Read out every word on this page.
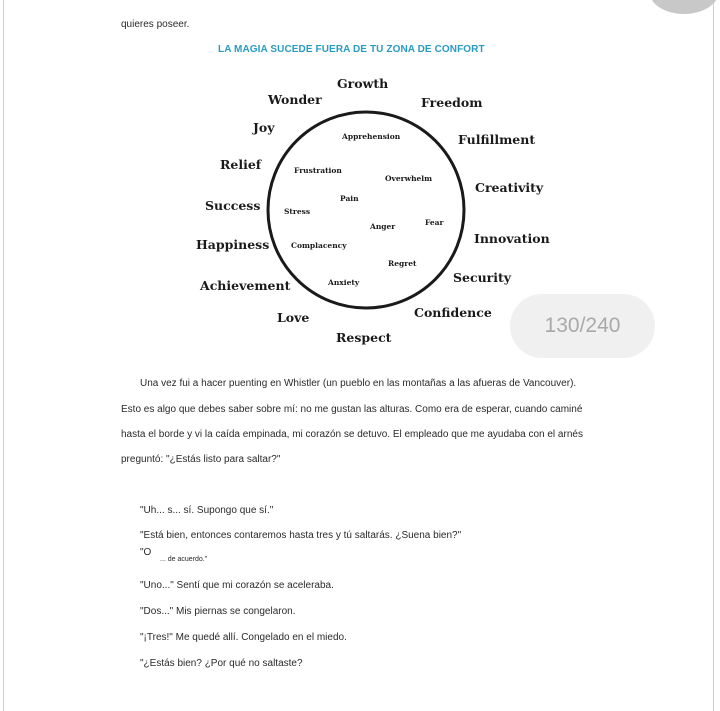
quieres poseer.
LA MAGIA SUCEDE FUERA DE TU ZONA DE CONFORT
Growth
Freedom
Fulfillment
Creativity
Innovation
Security
Confidence
Respect
Love
Achievement
Happiness
Success
Relief
Joy
Wonder
Apprehension
Frustration
Overwhelm
Pain
Stress
Anger	Fear
Complacency
Regret
Anxiety
130/240
Una vez fui a hacer puenting en Whistler (un pueblo en las montañas a las afueras de Vancouver).
Esto es algo que debes saber sobre mí: no me gustan las alturas. Como era de esperar, cuando caminé
hasta el borde y vi la caída empinada, mi corazón se detuvo. El empleado que me ayudaba con el arnés
preguntó: "¿Estás listo para saltar?"
"Uh... s... sí. Supongo que sí."
"Está bien, entonces contaremos hasta tres y tú saltarás. ¿Suena bien?"
"O
... de acuerdo."
"Uno..." Sentí que mi corazón se aceleraba.
"Dos..." Mis piernas se congelaron.
"¡Tres!" Me quedé allí. Congelado en el miedo.
"¿Estás bien? ¿Por qué no saltaste?
